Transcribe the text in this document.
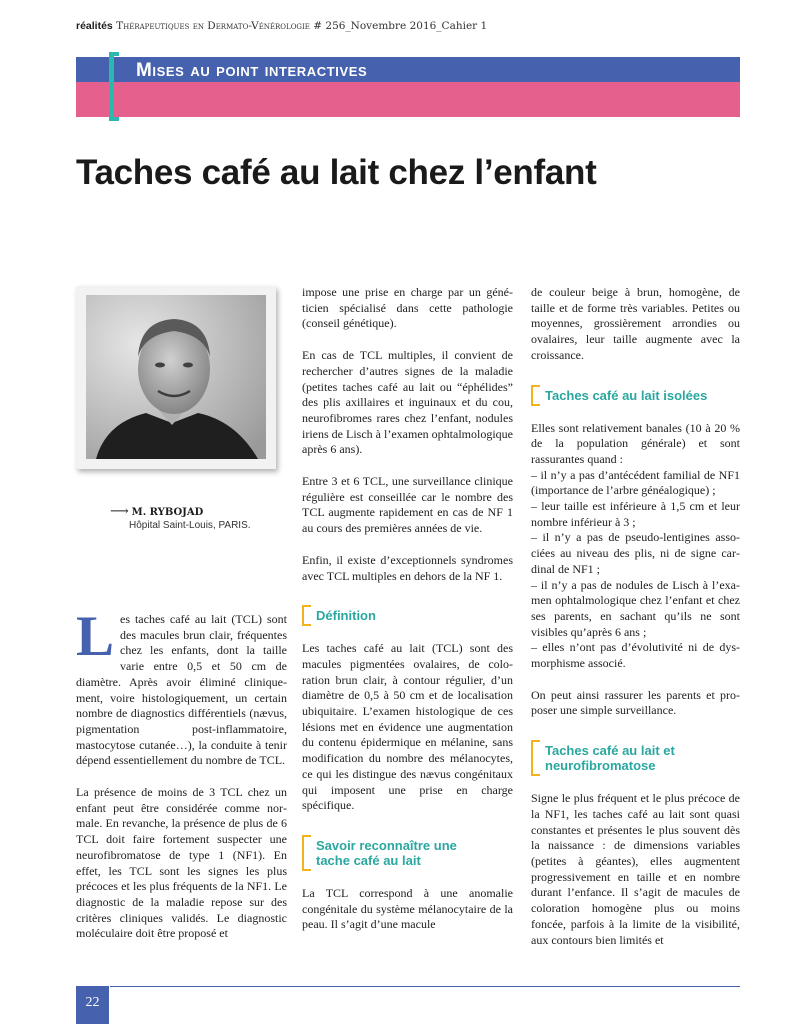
réalités Thérapeutiques en Dermato-Vénérologie # 256_Novembre 2016_Cahier 1
Mises au point interactives
Taches café au lait chez l’enfant
⟶ M. RYBOJAD
Hôpital Saint-Louis, PARIS.

Les taches café au lait (TCL) sont des macules brun clair, fréquentes chez les enfants, dont la taille varie entre 0,5 et 50 cm de diamètre. Après avoir éliminé cliniquement, voire histologiquement, un certain nombre de diagnostics différentiels (nævus, pigmentation post-inflammatoire, mastocytose cutanée…), la conduite à tenir dépend essentiellement du nombre de TCL.

La présence de moins de 3 TCL chez un enfant peut être considérée comme normale. En revanche, la présence de plus de 6 TCL doit faire fortement suspecter une neurofibromatose de type 1 (NF1). En effet, les TCL sont les signes les plus précoces et les plus fréquents de la NF1. Le diagnostic de la maladie repose sur des critères cliniques validés. Le diagnostic moléculaire doit être proposé et

impose une prise en charge par un généticien spécialisé dans cette pathologie (conseil génétique).

En cas de TCL multiples, il convient de rechercher d’autres signes de la maladie (petites taches café au lait ou “éphélides” des plis axillaires et inguinaux et du cou, neurofibromes rares chez l’enfant, nodules iriens de Lisch à l’examen ophtalmologique après 6 ans).

Entre 3 et 6 TCL, une surveillance clinique régulière est conseillée car le nombre des TCL augmente rapidement en cas de NF 1 au cours des premières années de vie.

Enfin, il existe d’exceptionnels syndromes avec TCL multiples en dehors de la NF 1.

Définition

Les taches café au lait (TCL) sont des macules pigmentées ovalaires, de coloration brun clair, à contour régulier, d’un diamètre de 0,5 à 50 cm et de localisation ubiquitaire. L’examen histologique de ces lésions met en évidence une augmentation du contenu épidermique en mélanine, sans modification du nombre des mélanocytes, ce qui les distingue des nævus congénitaux qui imposent une prise en charge spécifique.

Savoir reconnaître une tache café au lait

La TCL correspond à une anomalie congénitale du système mélanocytaire de la peau. Il s’agit d’une macule

de couleur beige à brun, homogène, de taille et de forme très variables. Petites ou moyennes, grossièrement arrondies ou ovalaires, leur taille augmente avec la croissance.

Taches café au lait isolées

Elles sont relativement banales (10 à 20 % de la population générale) et sont rassurantes quand :
– il n’y a pas d’antécédent familial de NF1 (importance de l’arbre généalogique) ;
– leur taille est inférieure à 1,5 cm et leur nombre inférieur à 3 ;
– il n’y a pas de pseudo-lentigines associées au niveau des plis, ni de signe cardinal de NF1 ;
– il n’y a pas de nodules de Lisch à l’examen ophtalmologique chez l’enfant et chez ses parents, en sachant qu’ils ne sont visibles qu’après 6 ans ;
– elles n’ont pas d’évolutivité ni de dysmorphisme associé.

On peut ainsi rassurer les parents et proposer une simple surveillance.

Taches café au lait et neurofibromatose

Signe le plus fréquent et le plus précoce de la NF1, les taches café au lait sont quasi constantes et présentes le plus souvent dès la naissance : de dimensions variables (petites à géantes), elles augmentent progressivement en taille et en nombre durant l’enfance. Il s’agit de macules de coloration homogène plus ou moins foncée, parfois à la limite de la visibilité, aux contours bien limités et

22
